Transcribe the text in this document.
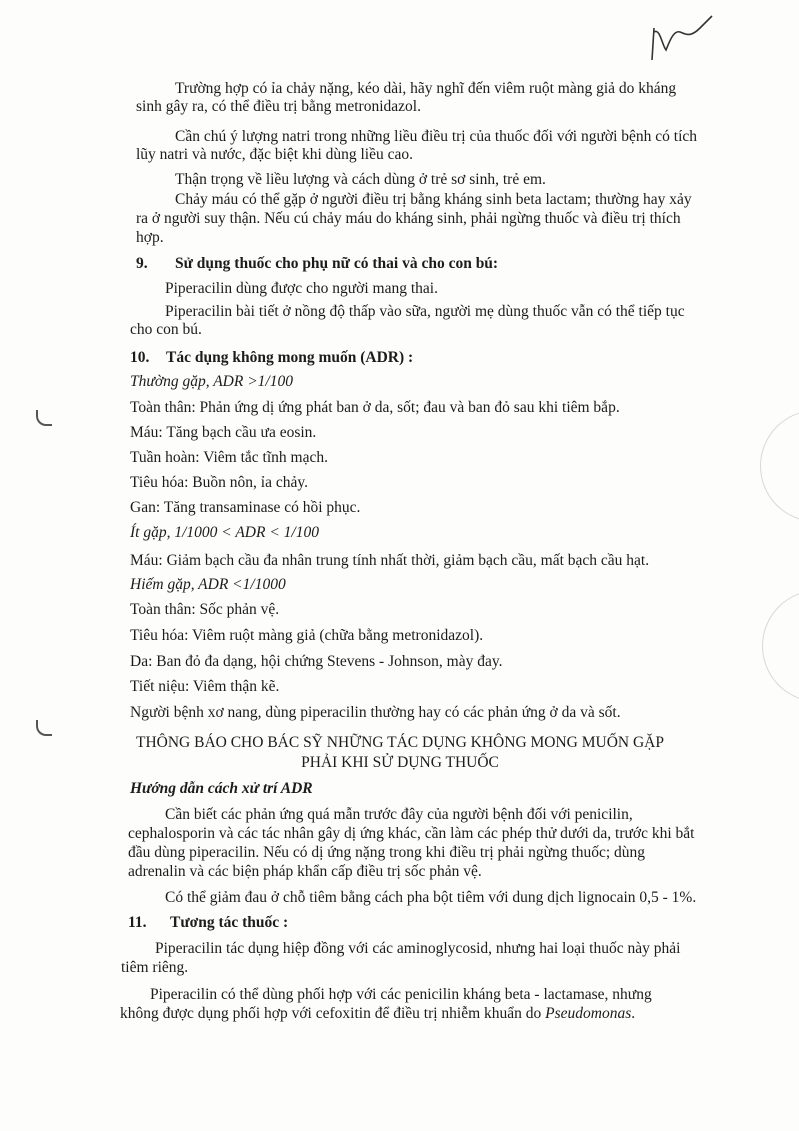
Trường hợp có ỉa chảy nặng, kéo dài, hãy nghĩ đến viêm ruột màng giả do kháng
sinh gây ra, có thể điều trị bằng metronidazol.
Cần chú ý lượng natri trong những liều điều trị của thuốc đối với người bệnh có tích
lũy natri và nước, đặc biệt khi dùng liều cao.
Thận trọng về liều lượng và cách dùng ở trẻ sơ sinh, trẻ em.
Chảy máu có thể gặp ở người điều trị bằng kháng sinh beta lactam; thường hay xảy
ra ở người suy thận. Nếu cú chảy máu do kháng sinh, phải ngừng thuốc và điều trị thích
hợp.
9. Sử dụng thuốc cho phụ nữ có thai và cho con bú:
Piperacilin dùng được cho người mang thai.
Piperacilin bài tiết ở nồng độ thấp vào sữa, người mẹ dùng thuốc vẫn có thể tiếp tục
cho con bú.
10. Tác dụng không mong muốn (ADR) :
Thường gặp, ADR >1/100
Toàn thân: Phản ứng dị ứng phát ban ở da, sốt; đau và ban đỏ sau khi tiêm bắp.
Máu: Tăng bạch cầu ưa eosin.
Tuần hoàn: Viêm tắc tĩnh mạch.
Tiêu hóa: Buồn nôn, ỉa chảy.
Gan: Tăng transaminase có hồi phục.
Ít gặp, 1/1000 < ADR < 1/100
Máu: Giảm bạch cầu đa nhân trung tính nhất thời, giảm bạch cầu, mất bạch cầu hạt.
Hiếm gặp, ADR <1/1000
Toàn thân: Sốc phản vệ.
Tiêu hóa: Viêm ruột màng giả (chữa bằng metronidazol).
Da: Ban đỏ đa dạng, hội chứng Stevens - Johnson, mày đay.
Tiết niệu: Viêm thận kẽ.
Người bệnh xơ nang, dùng piperacilin thường hay có các phản ứng ở da và sốt.
THÔNG BÁO CHO BÁC SỸ NHỮNG TÁC DỤNG KHÔNG MONG MUỐN GẶP
PHẢI KHI SỬ DỤNG THUỐC
Hướng dẫn cách xử trí ADR
Cần biết các phản ứng quá mẫn trước đây của người bệnh đối với penicilin,
cephalosporin và các tác nhân gây dị ứng khác, cần làm các phép thử dưới da, trước khi bắt
đầu dùng piperacilin. Nếu có dị ứng nặng trong khi điều trị phải ngừng thuốc; dùng
adrenalin và các biện pháp khẩn cấp điều trị sốc phản vệ.
Có thể giảm đau ở chỗ tiêm bằng cách pha bột tiêm với dung dịch lignocain 0,5 - 1%.
11. Tương tác thuốc :
Piperacilin tác dụng hiệp đồng với các aminoglycosid, nhưng hai loại thuốc này phải
tiêm riêng.
Piperacilin có thể dùng phối hợp với các penicilin kháng beta - lactamase, nhưng
không được dụng phối hợp với cefoxitin để điều trị nhiễm khuẩn do Pseudomonas.
